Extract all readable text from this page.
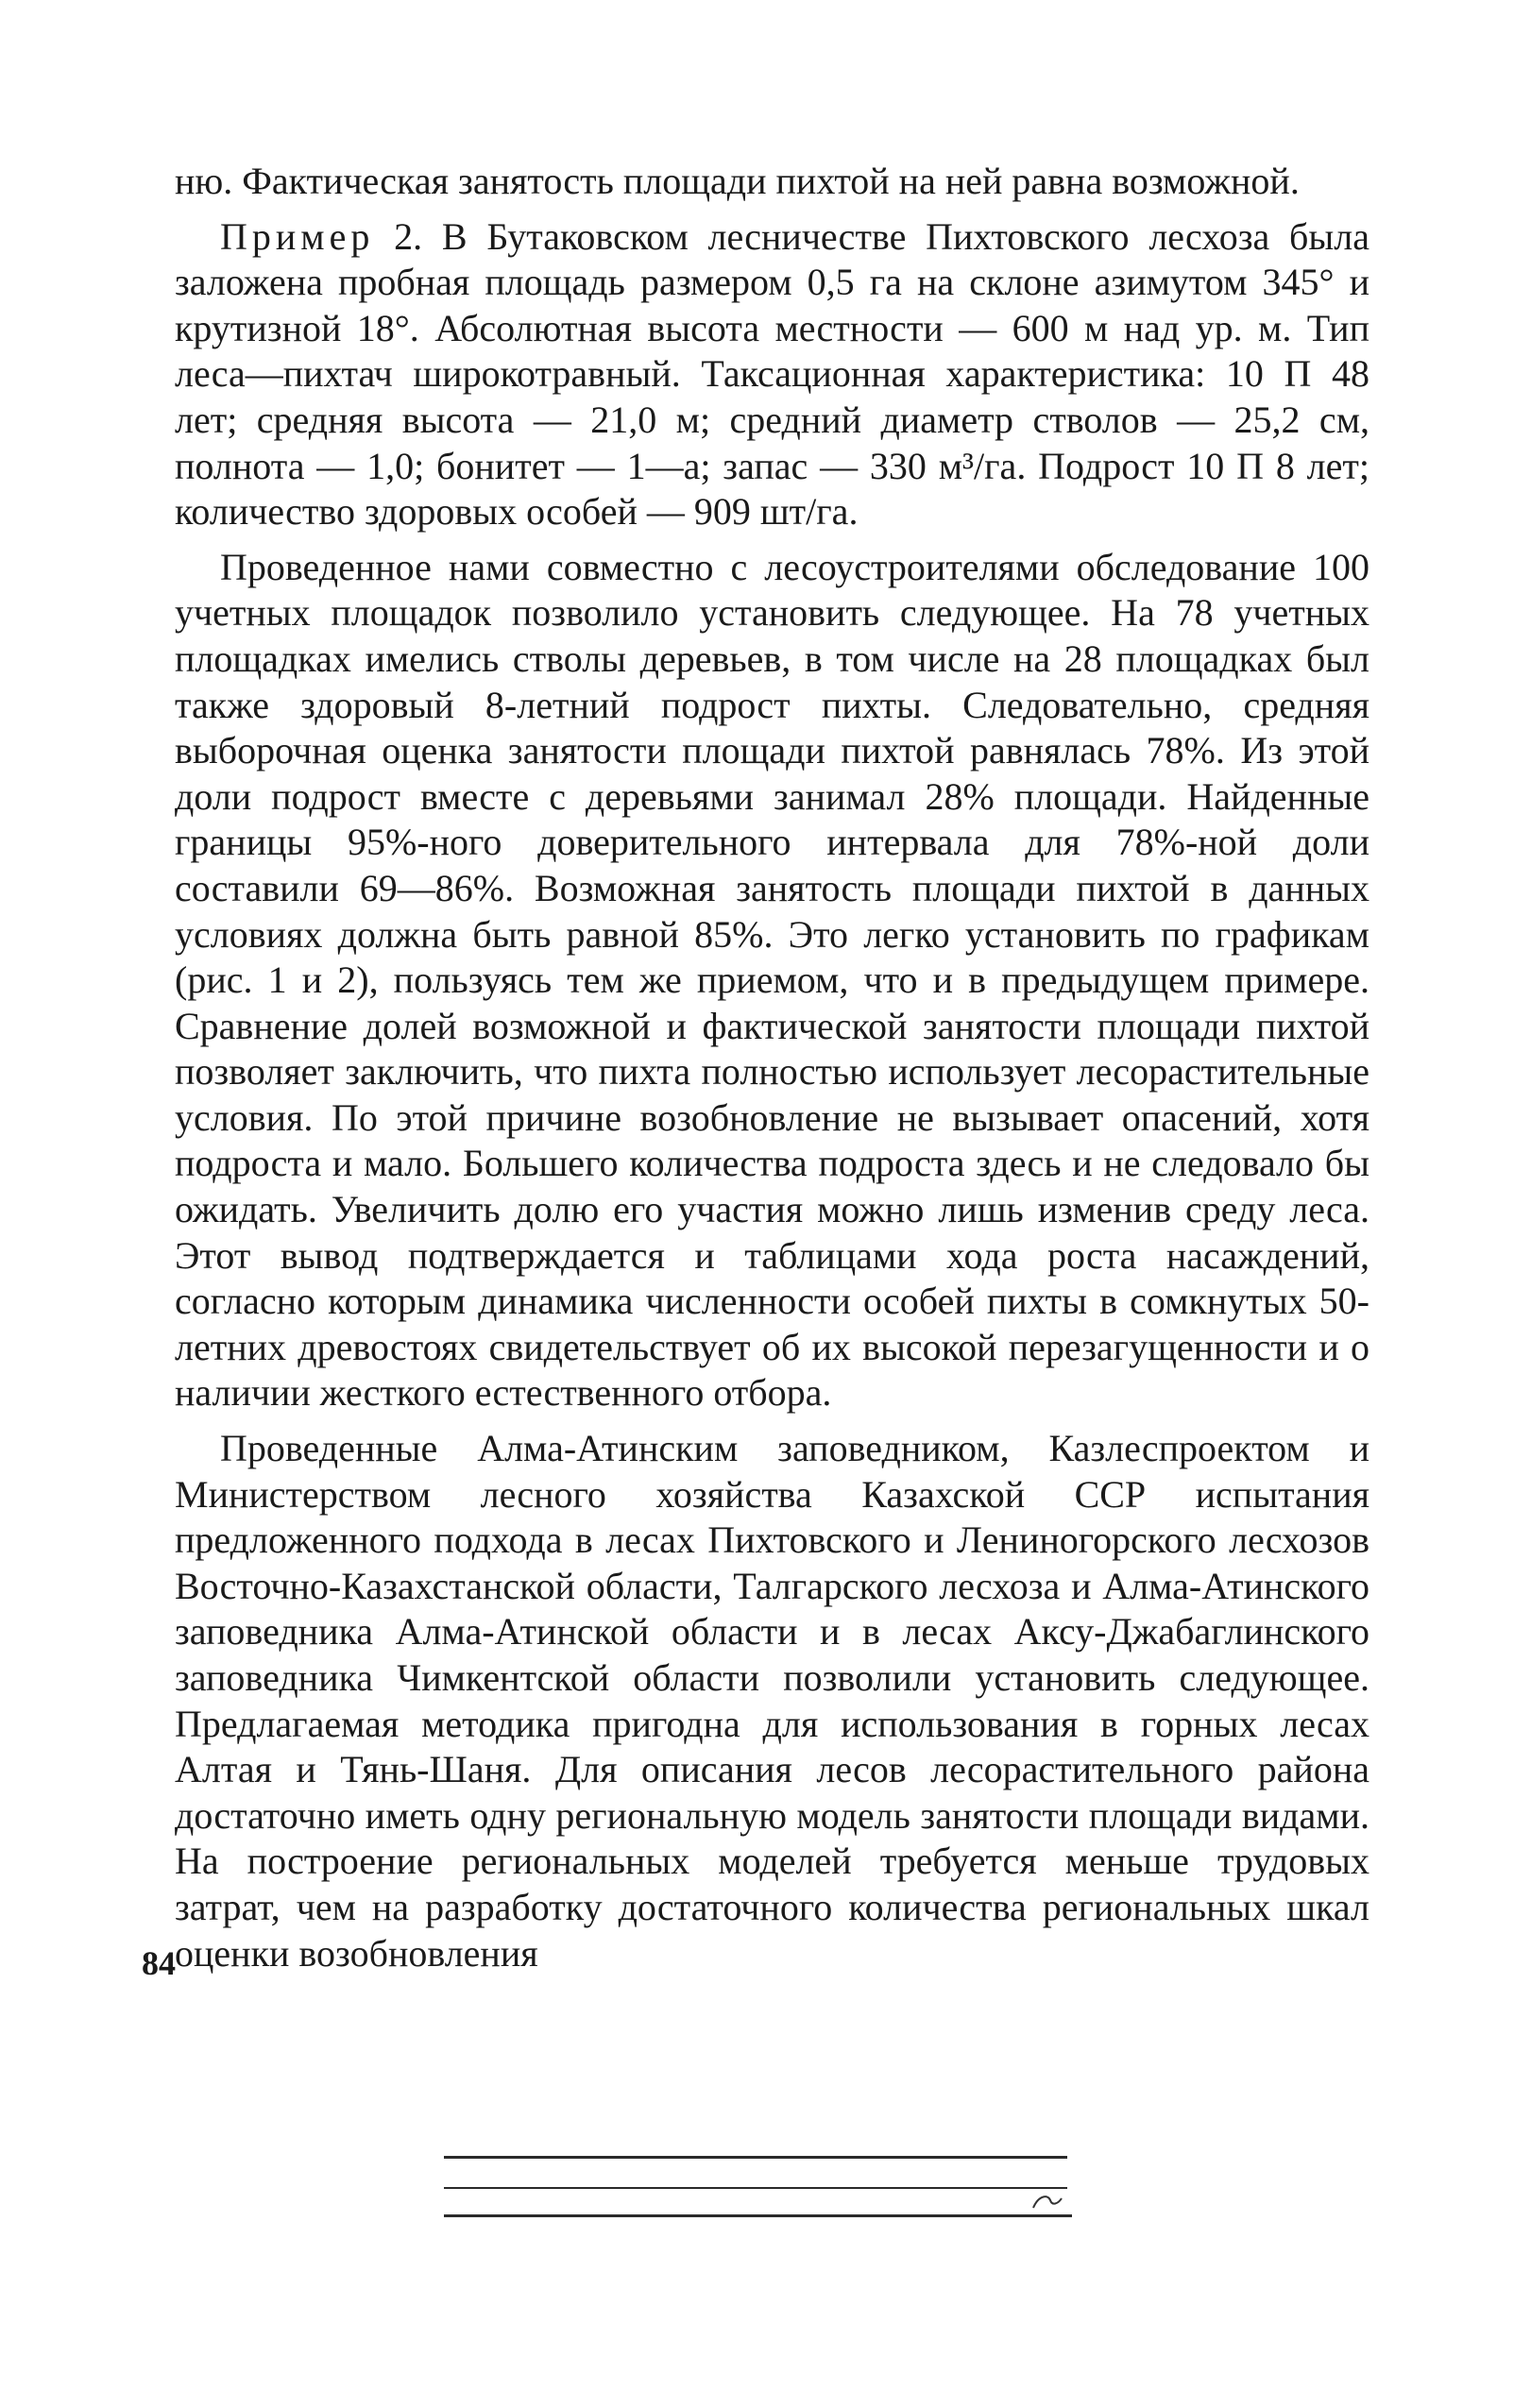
ню. Фактическая занятость площади пихтой на ней равна возможной.

Пример 2. В Бутаковском лесничестве Пихтовского лесхоза была заложена пробная площадь размером 0,5 га на склоне азимутом 345° и крутизной 18°. Абсолютная высота местности — 600 м над ур. м. Тип леса—пихтач широкотравный. Таксационная характеристика: 10 П 48 лет; средняя высота — 21,0 м; средний диаметр стволов — 25,2 см, полнота — 1,0; бонитет — 1—а; запас — 330 м³/га. Подрост 10 П 8 лет; количество здоровых особей — 909 шт/га.

Проведенное нами совместно с лесоустроителями обследование 100 учетных площадок позволило установить следующее. На 78 учетных площадках имелись стволы деревьев, в том числе на 28 площадках был также здоровый 8-летний подрост пихты. Следовательно, средняя выборочная оценка занятости площади пихтой равнялась 78%. Из этой доли подрост вместе с деревьями занимал 28% площади. Найденные границы 95%-ного доверительного интервала для 78%-ной доли составили 69—86%. Возможная занятость площади пихтой в данных условиях должна быть равной 85%. Это легко установить по графикам (рис. 1 и 2), пользуясь тем же приемом, что и в предыдущем примере. Сравнение долей возможной и фактической занятости площади пихтой позволяет заключить, что пихта полностью использует лесорастительные условия. По этой причине возобновление не вызывает опасений, хотя подроста и мало. Большего количества подроста здесь и не следовало бы ожидать. Увеличить долю его участия можно лишь изменив среду леса. Этот вывод подтверждается и таблицами хода роста насаждений, согласно которым динамика численности особей пихты в сомкнутых 50-летних древостоях свидетельствует об их высокой перезагущенности и о наличии жесткого естественного отбора.

Проведенные Алма-Атинским заповедником, Казлеспроектом и Министерством лесного хозяйства Казахской ССР испытания предложенного подхода в лесах Пихтовского и Лениногорского лесхозов Восточно-Казахстанской области, Талгарского лесхоза и Алма-Атинского заповедника Алма-Атинской области и в лесах Аксу-Джабаглинского заповедника Чимкентской области позволили установить следующее. Предлагаемая методика пригодна для использования в горных лесах Алтая и Тянь-Шаня. Для описания лесов лесорастительного района достаточно иметь одну региональную модель занятости площади видами. На построение региональных моделей требуется меньше трудовых затрат, чем на разработку достаточного количества региональных шкал оценки возобновления

84
